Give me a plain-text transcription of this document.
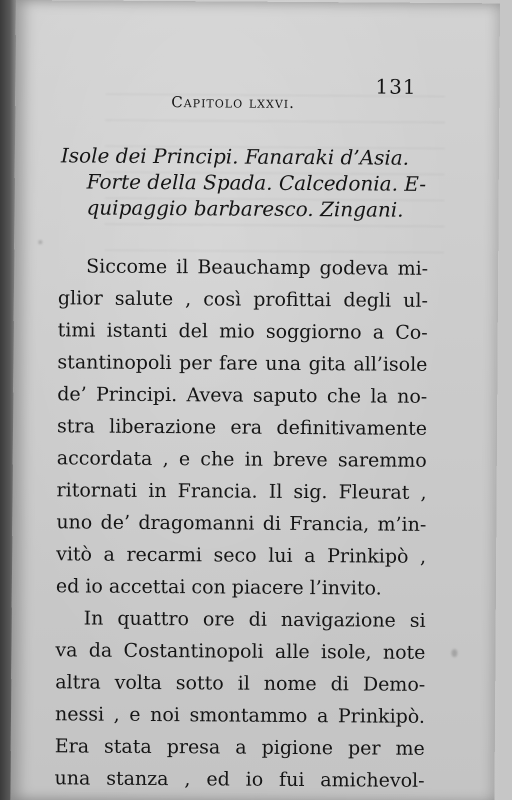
131
Capitolo lxxvi.
Isole dei Principi. Fanaraki d’Asia.
Forte della Spada. Calcedonia. E-
quipaggio barbaresco. Zingani.
Siccome il Beauchamp godeva mi-
glior salute , così profittai degli ul-
timi istanti del mio soggiorno a Co-
stantinopoli per fare una gita all’isole
de’ Principi. Aveva saputo che la no-
stra liberazione era definitivamente
accordata , e che in breve saremmo
ritornati in Francia. Il sig. Fleurat ,
uno de’ dragomanni di Francia, m’in-
vitò a recarmi seco lui a Prinkipò ,
ed io accettai con piacere l’invito.
In quattro ore di navigazione si
va da Costantinopoli alle isole, note
altra volta sotto il nome di Demo-
nessi , e noi smontammo a Prinkipò.
Era stata presa a pigione per me
una stanza , ed io fui amichevol-
